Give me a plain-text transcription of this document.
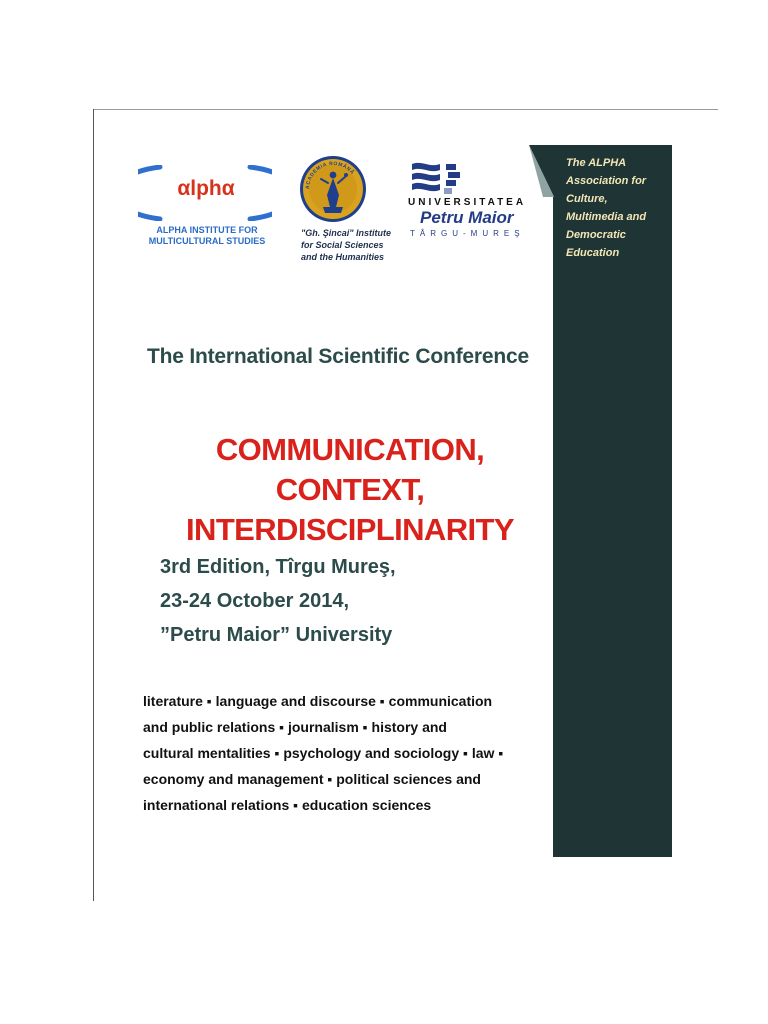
αlphα
ALPHA INSTITUTE FOR
MULTICULTURAL STUDIES
ACADEMIA ROMÂNĂ
"Gh. Şincai" Institute
for Social Sciences
and the Humanities
UNIVERSITATEA
Petru Maior
TÂRGU-MUREŞ
The ALPHA
Association for
Culture,
Multimedia and
Democratic
Education
The International Scientific Conference
COMMUNICATION, CONTEXT,
INTERDISCIPLINARITY
3rd Edition, Tîrgu Mureş,
23-24 October 2014,
”Petru Maior” University
literature ▪ language and discourse ▪ communication
and public relations ▪ journalism ▪ history and
cultural mentalities ▪ psychology and sociology ▪ law ▪
economy and management ▪ political sciences and
international relations ▪ education sciences
